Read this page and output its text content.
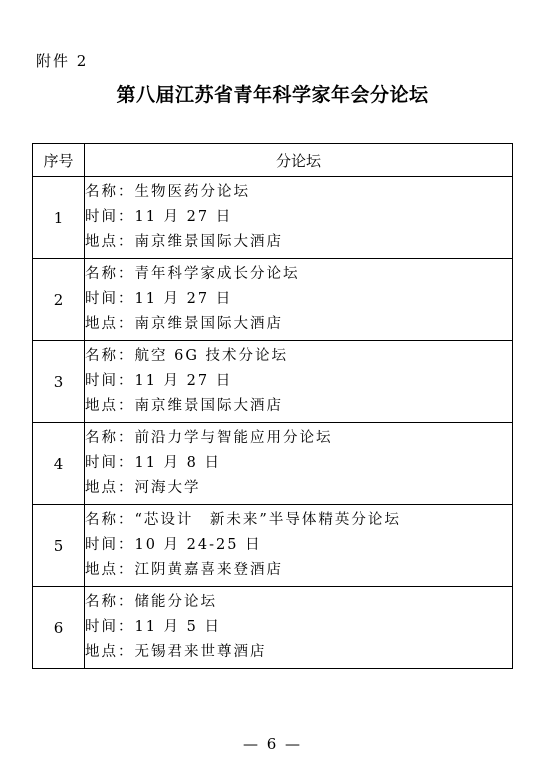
附件 2
第八届江苏省青年科学家年会分论坛
序号	分论坛
1	名称：生物医药分论坛
时间：11 月 27 日
地点：南京维景国际大酒店

2	名称：青年科学家成长分论坛
时间：11 月 27 日
地点：南京维景国际大酒店

3	名称：航空 6G 技术分论坛
时间：11 月 27 日
地点：南京维景国际大酒店

4	名称：前沿力学与智能应用分论坛
时间：11 月 8 日
地点：河海大学

5	名称：“芯设计　新未来”半导体精英分论坛
时间：10 月 24-25 日
地点：江阴黄嘉喜来登酒店

6	名称：储能分论坛
时间：11 月 5 日
地点：无锡君来世尊酒店
— 6 —
